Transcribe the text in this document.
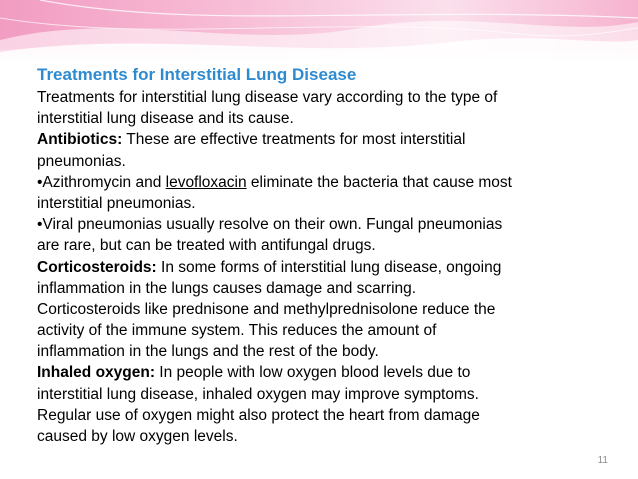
Treatments for Interstitial Lung Disease
Treatments for interstitial lung disease vary according to the type of
interstitial lung disease and its cause.
Antibiotics: These are effective treatments for most interstitial
pneumonias.
•Azithromycin and levofloxacin eliminate the bacteria that cause most
interstitial pneumonias.
•Viral pneumonias usually resolve on their own. Fungal pneumonias
are rare, but can be treated with antifungal drugs.
Corticosteroids: In some forms of interstitial lung disease, ongoing
inflammation in the lungs causes damage and scarring.
Corticosteroids like prednisone and methylprednisolone reduce the
activity of the immune system. This reduces the amount of
inflammation in the lungs and the rest of the body.
Inhaled oxygen: In people with low oxygen blood levels due to
interstitial lung disease, inhaled oxygen may improve symptoms.
Regular use of oxygen might also protect the heart from damage
caused by low oxygen levels.
11
